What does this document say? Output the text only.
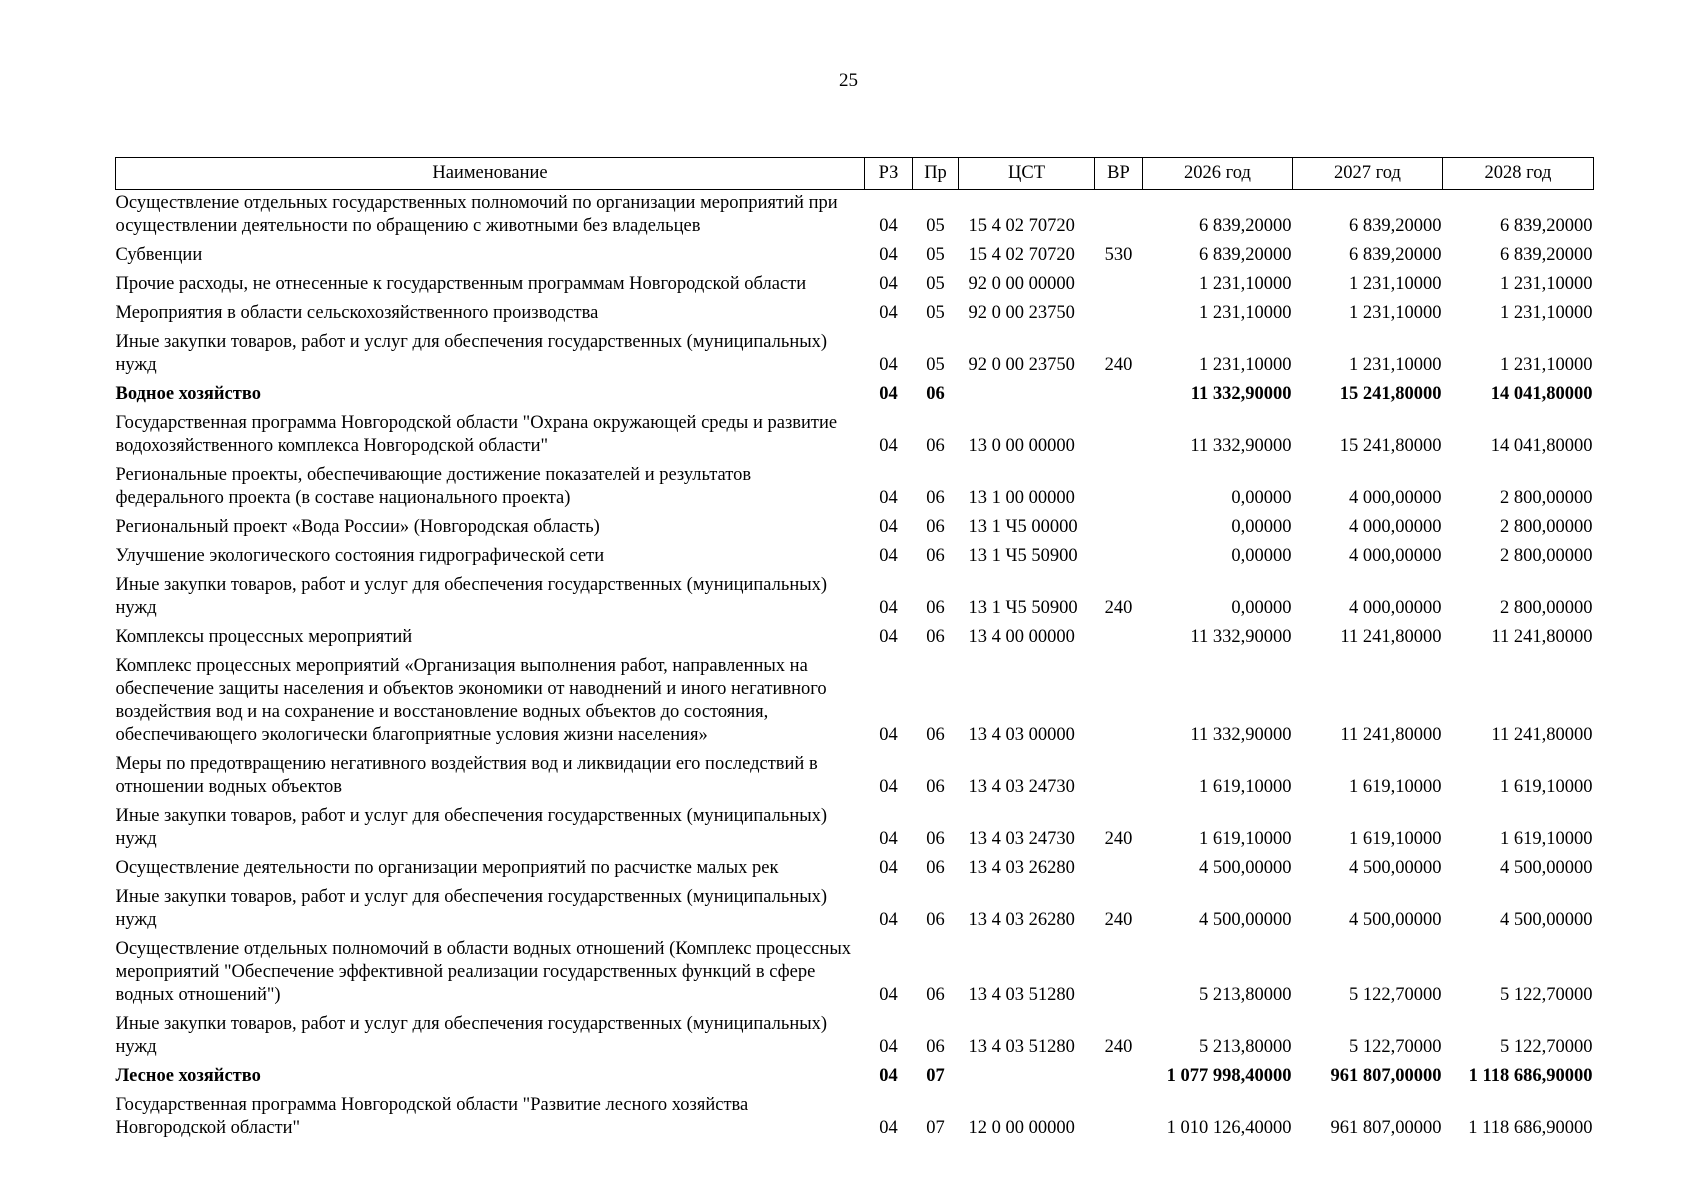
25
Наименование	РЗ	Пр	ЦСТ	ВР	2026 год	2027 год	2028 год
Осуществление отдельных государственных полномочий по организации мероприятий при осуществлении деятельности по обращению с животными без владельцев	04	05	15 4 02 70720		6 839,20000	6 839,20000	6 839,20000
Субвенции	04	05	15 4 02 70720	530	6 839,20000	6 839,20000	6 839,20000
Прочие расходы, не отнесенные к государственным программам Новгородской области	04	05	92 0 00 00000		1 231,10000	1 231,10000	1 231,10000
Мероприятия в области сельскохозяйственного производства	04	05	92 0 00 23750		1 231,10000	1 231,10000	1 231,10000
Иные закупки товаров, работ и услуг для обеспечения государственных (муниципальных) нужд	04	05	92 0 00 23750	240	1 231,10000	1 231,10000	1 231,10000
Водное хозяйство	04	06			11 332,90000	15 241,80000	14 041,80000
Государственная программа Новгородской области "Охрана окружающей среды и развитие водохозяйственного комплекса Новгородской области"	04	06	13 0 00 00000		11 332,90000	15 241,80000	14 041,80000
Региональные проекты, обеспечивающие достижение показателей и результатов федерального проекта (в составе национального проекта)	04	06	13 1 00 00000		0,00000	4 000,00000	2 800,00000
Региональный проект «Вода России» (Новгородская область)	04	06	13 1 Ч5 00000		0,00000	4 000,00000	2 800,00000
Улучшение экологического состояния гидрографической сети	04	06	13 1 Ч5 50900		0,00000	4 000,00000	2 800,00000
Иные закупки товаров, работ и услуг для обеспечения государственных (муниципальных) нужд	04	06	13 1 Ч5 50900	240	0,00000	4 000,00000	2 800,00000
Комплексы процессных мероприятий	04	06	13 4 00 00000		11 332,90000	11 241,80000	11 241,80000
Комплекс процессных мероприятий «Организация выполнения работ, направленных на обеспечение защиты населения и объектов экономики от наводнений и иного негативного воздействия вод и на сохранение и восстановление водных объектов до состояния, обеспечивающего экологически благоприятные условия жизни населения»	04	06	13 4 03 00000		11 332,90000	11 241,80000	11 241,80000
Меры по предотвращению негативного воздействия вод и ликвидации его последствий в отношении водных объектов	04	06	13 4 03 24730		1 619,10000	1 619,10000	1 619,10000
Иные закупки товаров, работ и услуг для обеспечения государственных (муниципальных) нужд	04	06	13 4 03 24730	240	1 619,10000	1 619,10000	1 619,10000
Осуществление деятельности по организации мероприятий по расчистке малых рек	04	06	13 4 03 26280		4 500,00000	4 500,00000	4 500,00000
Иные закупки товаров, работ и услуг для обеспечения государственных (муниципальных) нужд	04	06	13 4 03 26280	240	4 500,00000	4 500,00000	4 500,00000
Осуществление отдельных полномочий в области водных отношений (Комплекс процессных мероприятий "Обеспечение эффективной реализации государственных функций в сфере водных отношений")	04	06	13 4 03 51280		5 213,80000	5 122,70000	5 122,70000
Иные закупки товаров, работ и услуг для обеспечения государственных (муниципальных) нужд	04	06	13 4 03 51280	240	5 213,80000	5 122,70000	5 122,70000
Лесное хозяйство	04	07			1 077 998,40000	961 807,00000	1 118 686,90000
Государственная программа Новгородской области "Развитие лесного хозяйства Новгородской области"	04	07	12 0 00 00000		1 010 126,40000	961 807,00000	1 118 686,90000
